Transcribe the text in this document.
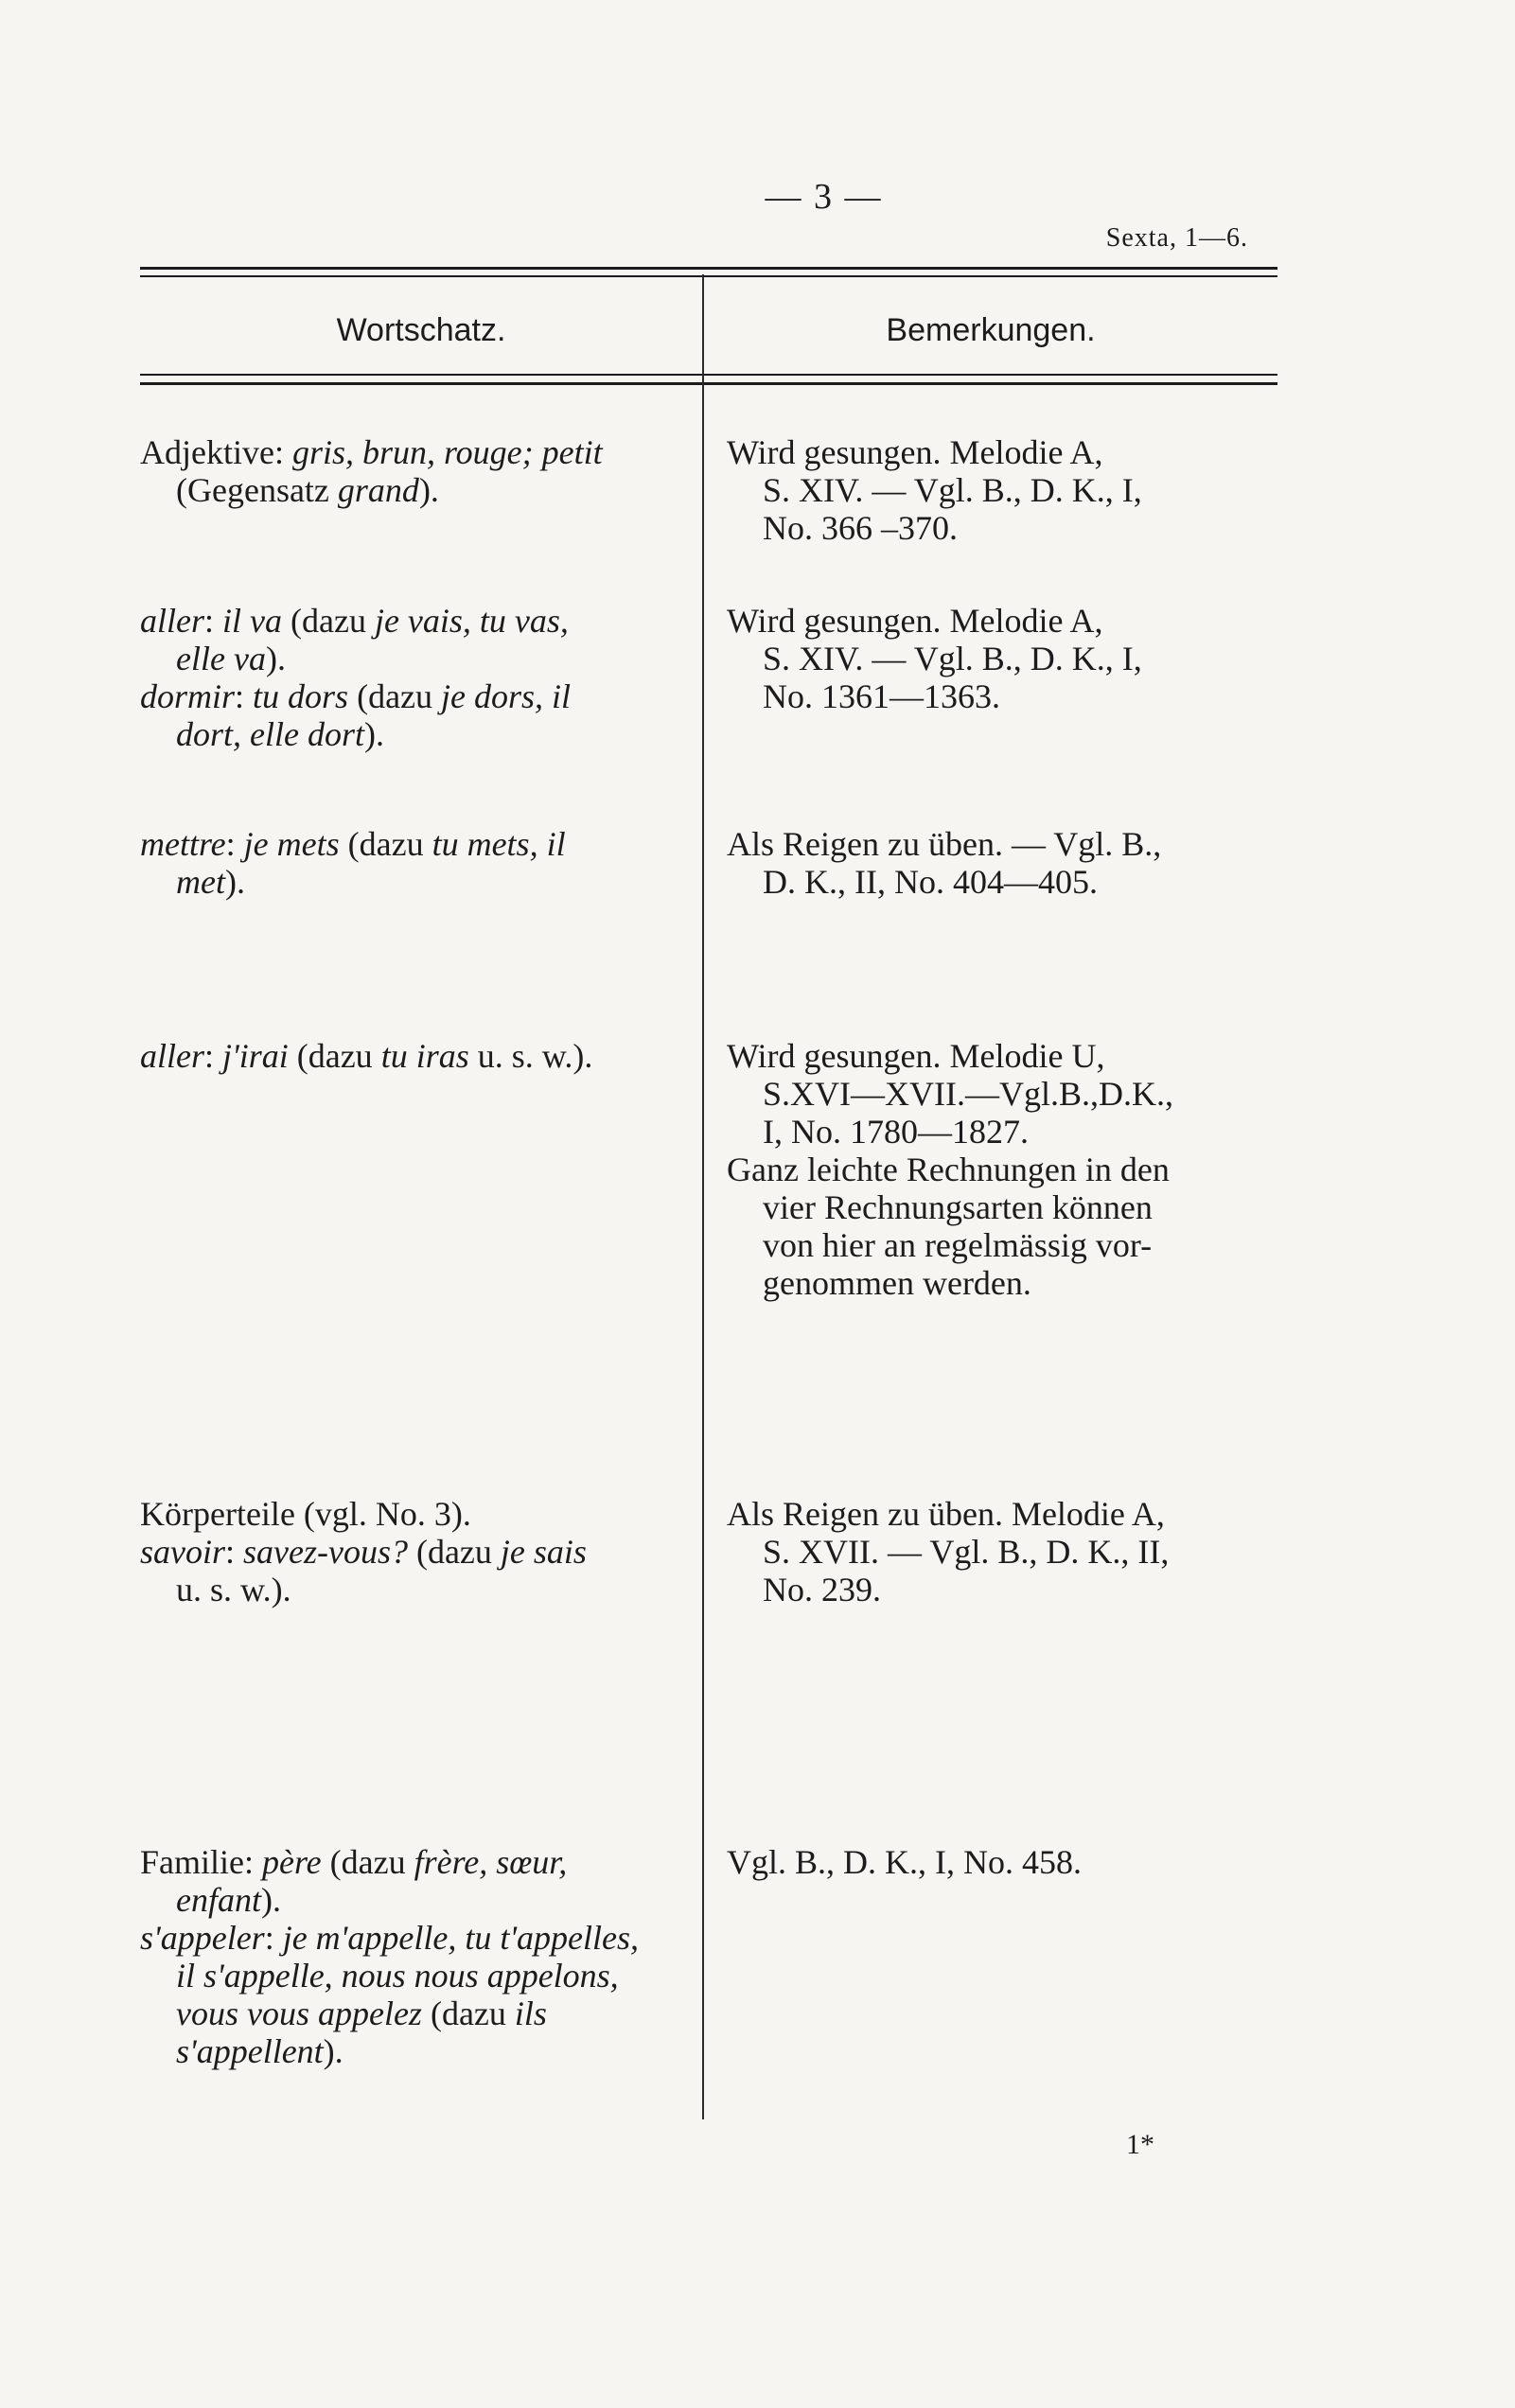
— 3 —
Sexta, 1—6.
Wortschatz.	Bemerkungen.
Adjektive: gris, brun, rouge; petit
(Gegensatz grand).
Wird gesungen. Melodie A,
S. XIV. — Vgl. B., D. K., I,
No. 366 –370.
aller: il va (dazu je vais, tu vas,
elle va).
dormir: tu dors (dazu je dors, il
dort, elle dort).
Wird gesungen. Melodie A,
S. XIV. — Vgl. B., D. K., I,
No. 1361—1363.
mettre: je mets (dazu tu mets, il
met).
Als Reigen zu üben. — Vgl. B.,
D. K., II, No. 404—405.
aller: j'irai (dazu tu iras u. s. w.).	Wird gesungen. Melodie U,
S.XVI—XVII.—Vgl.B.,D.K.,
I, No. 1780—1827.
Ganz leichte Rechnungen in den
vier Rechnungsarten können
von hier an regelmässig vor-
genommen werden.
Körperteile (vgl. No. 3).
savoir: savez-vous? (dazu je sais
u. s. w.).
Als Reigen zu üben. Melodie A,
S. XVII. — Vgl. B., D. K., II,
No. 239.
Familie: père (dazu frère, sœur,
enfant).
s'appeler: je m'appelle, tu t'appelles,
il s'appelle, nous nous appelons,
vous vous appelez (dazu ils
s'appellent).
Vgl. B., D. K., I, No. 458.
1*
